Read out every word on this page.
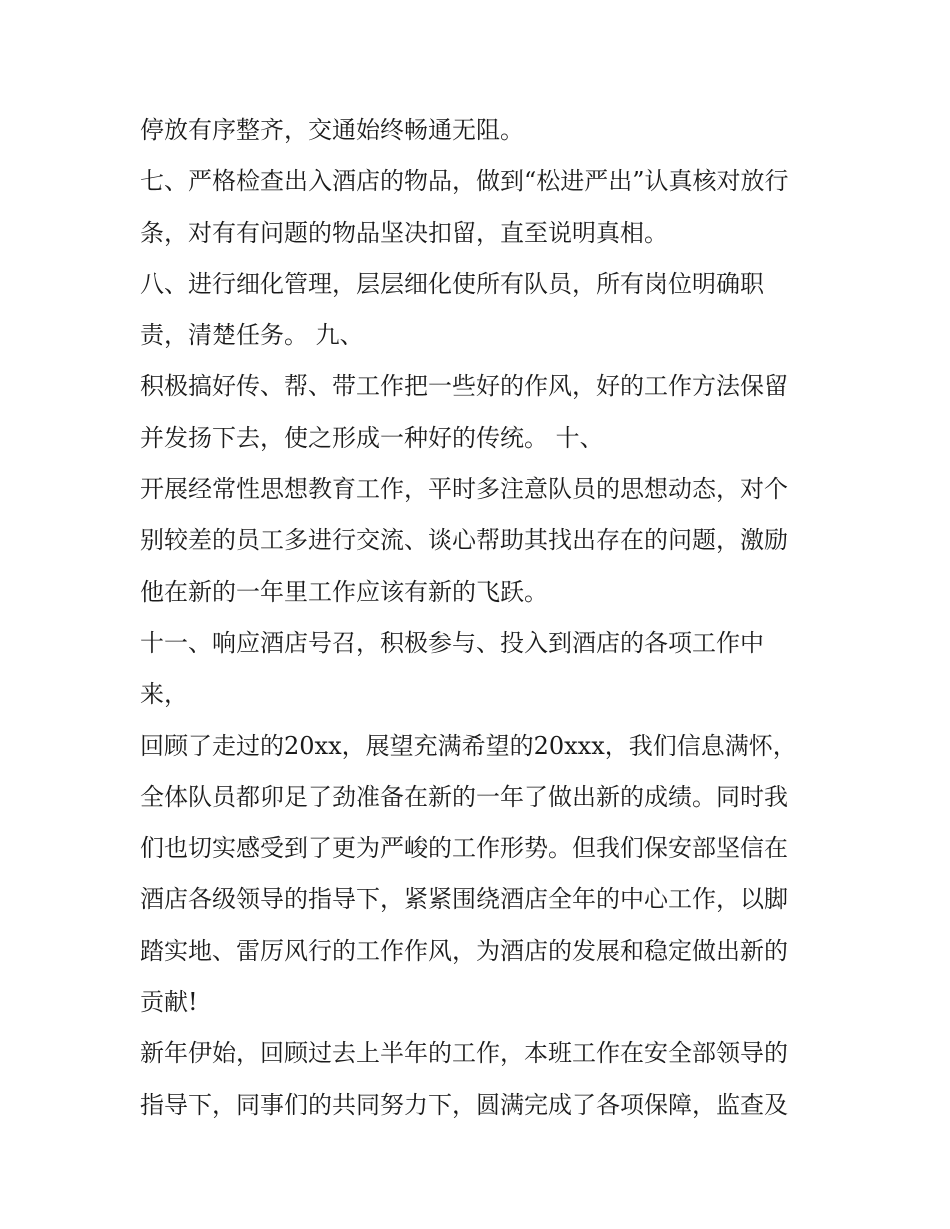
停放有序整齐，交通始终畅通无阻。
七、严格检查出入酒店的物品，做到“松进严出”认真核对放行
条，对有有问题的物品坚决扣留，直至说明真相。
八、进行细化管理，层层细化使所有队员，所有岗位明确职
责，清楚任务。 九、
积极搞好传、帮、带工作把一些好的作风，好的工作方法保留
并发扬下去，使之形成一种好的传统。 十、
开展经常性思想教育工作，平时多注意队员的思想动态，对个
别较差的员工多进行交流、谈心帮助其找出存在的问题，激励
他在新的一年里工作应该有新的飞跃。
十一、响应酒店号召，积极参与、投入到酒店的各项工作中
来，
回顾了走过的20xx，展望充满希望的20xxx，我们信息满怀，
全体队员都卯足了劲准备在新的一年了做出新的成绩。同时我
们也切实感受到了更为严峻的工作形势。但我们保安部坚信在
酒店各级领导的指导下，紧紧围绕酒店全年的中心工作，以脚
踏实地、雷厉风行的工作作风，为酒店的发展和稳定做出新的
贡献!
新年伊始，回顾过去上半年的工作，本班工作在安全部领导的
指导下，同事们的共同努力下，圆满完成了各项保障，监查及
